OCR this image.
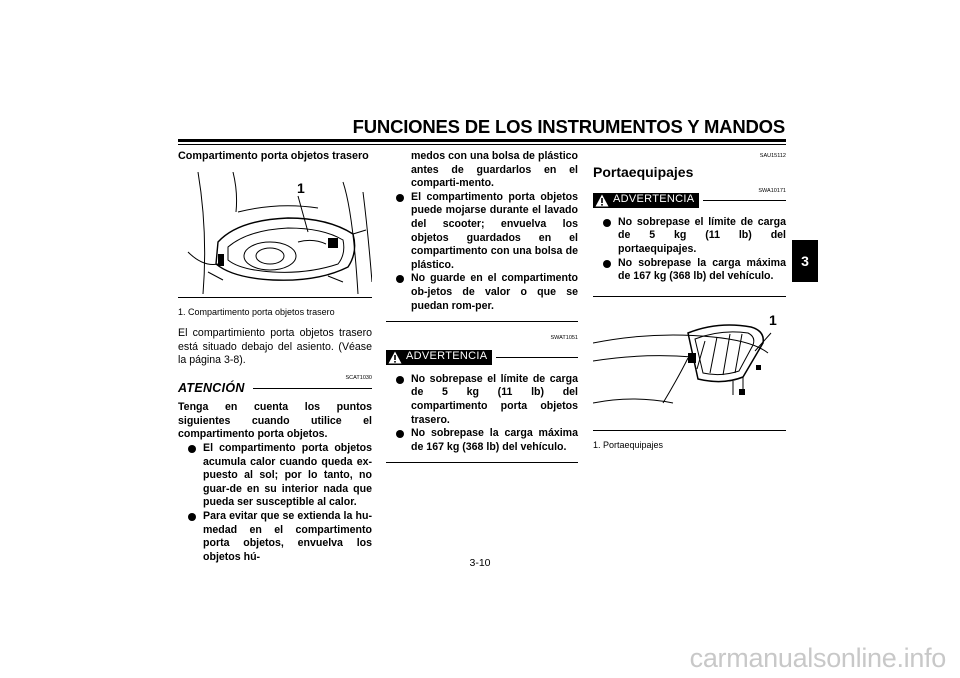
FUNCIONES DE LOS INSTRUMENTOS Y MANDOS
3
Compartimento porta objetos trasero
1
1. Compartimento porta objetos trasero
El compartimiento porta objetos trasero está situado debajo del asiento. (Véase la página 3-8).
SCAT1030
ATENCIÓN
Tenga en cuenta los puntos siguientes cuando utilice el compartimento porta objetos.
El compartimento porta objetos acumula calor cuando queda ex-puesto al sol; por lo tanto, no guar-de en su interior nada que pueda ser susceptible al calor.
Para evitar que se extienda la hu-medad en el compartimento porta objetos, envuelva los objetos hú-
medos con una bolsa de plástico antes de guardarlos en el comparti-mento.
El compartimento porta objetos puede mojarse durante el lavado del scooter; envuelva los objetos guardados en el compartimento con una bolsa de plástico.
No guarde en el compartimento ob-jetos de valor o que se puedan rom-per.
SWAT1051
ADVERTENCIA
No sobrepase el límite de carga de 5 kg (11 lb) del compartimento porta objetos trasero.
No sobrepase la carga máxima de 167 kg (368 lb) del vehículo.
SAU15112
Portaequipajes
SWA10171
ADVERTENCIA
No sobrepase el límite de carga de 5 kg (11 lb) del portaequipajes.
No sobrepase la carga máxima de 167 kg (368 lb) del vehículo.
1
1. Portaequipajes
3-10
carmanualsonline.info
